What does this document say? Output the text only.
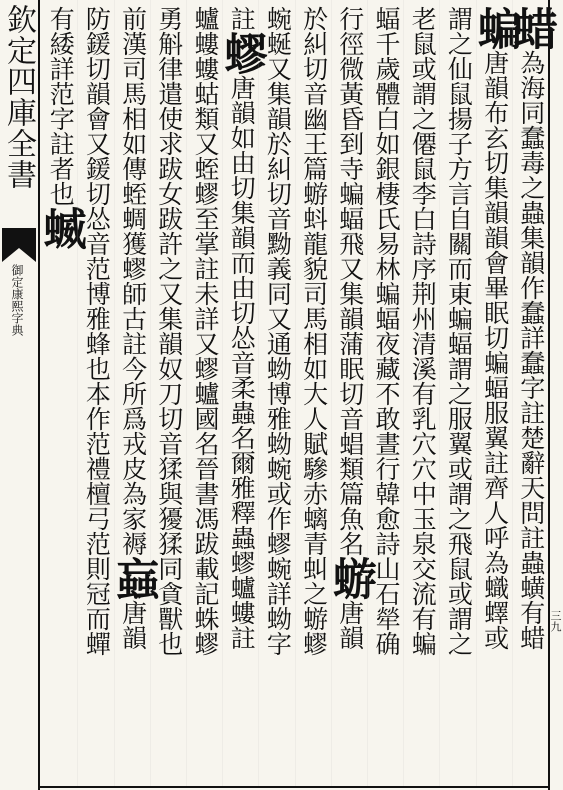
欽定四庫全書
御定康熙字典
三九
蜡為海同蠢毒之蟲集韻作蠢詳蠢字註楚辭天問註蟲蟥有蜡
蝙唐韻布玄切集韻韻會畢眠切蝙蝠服翼註齊人呼為蟙蠌或
謂之仙鼠揚子方言自關而東蝙蝠謂之服翼或謂之飛鼠或謂之
老鼠或謂之僊鼠李白詩序荆州清溪有乳穴穴中玉泉交流有蝙
蝠千歲體白如銀棲氏易林蝙蝠夜藏不敢晝行韓愈詩山石犖确
行徑微黃昏到寺蝙蝠飛又集韻蒲眠切音䗉類篇魚名蝣唐韻
於糾切音幽王篇蝣蚪龍貌司馬相如大人賦驂赤螭青虯之蝣蟉
蜿蜒又集韻於糾切音黝義同又通蚴博雅蚴蜿或作蟉蜿詳蚴字
註蟉唐韻如由切集韻而由切怂音柔蟲名爾雅釋蟲蟉蠦螻註
蠦螻螻蛄類又蛭蟉至掌註未詳又蟉蠦國名晉書馮跋載記蛛蟉
勇斛律遣使求跋女跋許之又集韻奴刀切音猱與獶猱同貪獸也
前漢司馬相如傳蛭蜩獲蟉師古註今所爲戎皮為家褥蝱唐韻
防鍰切韻會又鍰切怂音范博雅蜂也本作范禮檀弓范則冠而蟬
有緌詳范字註者也蝛
